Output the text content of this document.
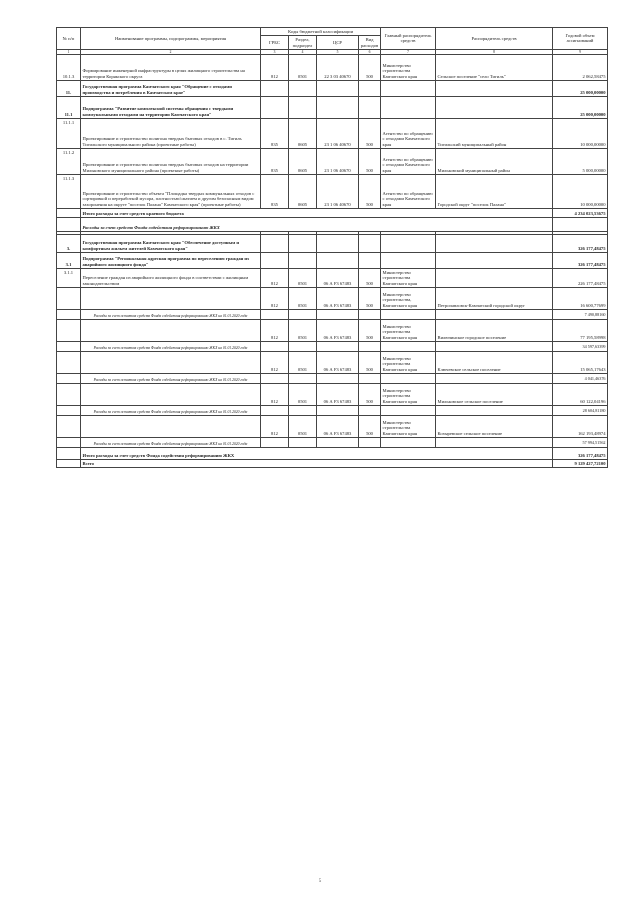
№ п/п	Наименование программы, подпрограммы, мероприятия	Коды бюджетной классификации				Главный распорядитель средств	Распорядитель средств	Годовой объем ассигнований
		ГРБС	Раздел, подраздел	ЦСР	Вид расходов			
1	2	3	4	5	6	7	8	9
10.1.3	Формирование инженерной инфраструктуры в целях жилищного строительства на территории Корякского округа	812	0501	22 3 03 40670	500	Министерство строительства Камчатского края	Сельское поселение "село Тигиль"	2 062,58475
11.	Государственная программа Камчатского края "Обращение с отходами производства и потребления в Камчатском крае"							25 000,00000
11.1	Подпрограмма "Развитие комплексной системы обращения с твердыми коммунальными отходами на территории Камчатского края"							25 000,00000
11.1.1	Проектирование и строительство полигона твердых бытовых отходов в с. Тигиль Тигильского муниципального района (проектные работы)	835	0605	23 1 06 40670	500	Агентство по обращению с отходами Камчатского края	Тигильский муниципальный район	10 000,00000
11.1.2	Проектирование и строительство полигона твердых бытовых отходов на территории Мильковского муниципального района (проектные работы)	835	0605	23 1 06 40670	500	Агентство по обращению с отходами Камчатского края	Мильковский муниципальный район	5 000,00000
11.1.3	Проектирование и строительство объекта "Площадка твердых коммунальных отходов с сортировкой и переработкой мусора, плотностью/сжатием и другим безопасным видом захоронения на округе "поселок Палана" Камчатского края" (проектные работы)	835	0605	23 1 06 40670	500	Агентство по обращению с отходами Камчатского края	Городской округ "поселок Палана"	10 000,00000
	Итого расходы за счет средств краевого бюджета							4 234 023,53675
	Расходы за счет средств Фонда содействия реформированию ЖКХ							

3.	Государственная программа Камчатского края "Обеспечение доступным и комфортным жильем жителей Камчатского края"							326 177,48475
3.1	Подпрограмма "Региональная адресная программа по переселению граждан из аварийного жилищного фонда"							326 177,48475
3.1.1	Переселение граждан из аварийного жилищного фонда в соответствии с жилищным законодательством	812	0501	06 А F3 67483	500	Министерство строительства Камчатского края		226 177,48475
		812	0501	06 А F3 67483	500	Министерство строительства, Камчатского края	Петропавловск-Камчатский городской округ	16 600,77699
	Расходы за счет остатков средств Фонда содействия реформированию ЖКХ на 01.01.2020 года							7 490,88160
		812	0501	06 А F3 67483	500	Министерство строительства Камчатского края	Вилючинское городское поселение	77 195,58998
	Расходы за счет остатков средств Фонда содействия реформированию ЖКХ на 01.01.2020 года							34 597,63399
		812	0501	06 А F3 67483	500	Министерство строительства Камчатского края	Ключевское сельское поселение	15 065,17643
	Расходы за счет остатков средств Фонда содействия реформированию ЖКХ на 01.01.2020 года							4 041,46376
		812	0501	06 А F3 67483	500	Министерство строительства Камчатского края	Мильковское сельское поселение	60 122,04196
	Расходы за счет остатков средств Фонда содействия реформированию ЖКХ на 01.01.2020 года							28 604,81180
		812	0501	06 А F3 67483	500	Министерство строительства Камчатского края	Козыревское сельское поселение	162 193,48974
	Расходы за счет остатков средств Фонда содействия реформированию ЖКХ на 01.01.2020 года							57 994,51562
	Итого расходы за счет средств Фонда содействия реформированию ЖКХ							326 177,48475
	Всего							9 129 427,72100
5
